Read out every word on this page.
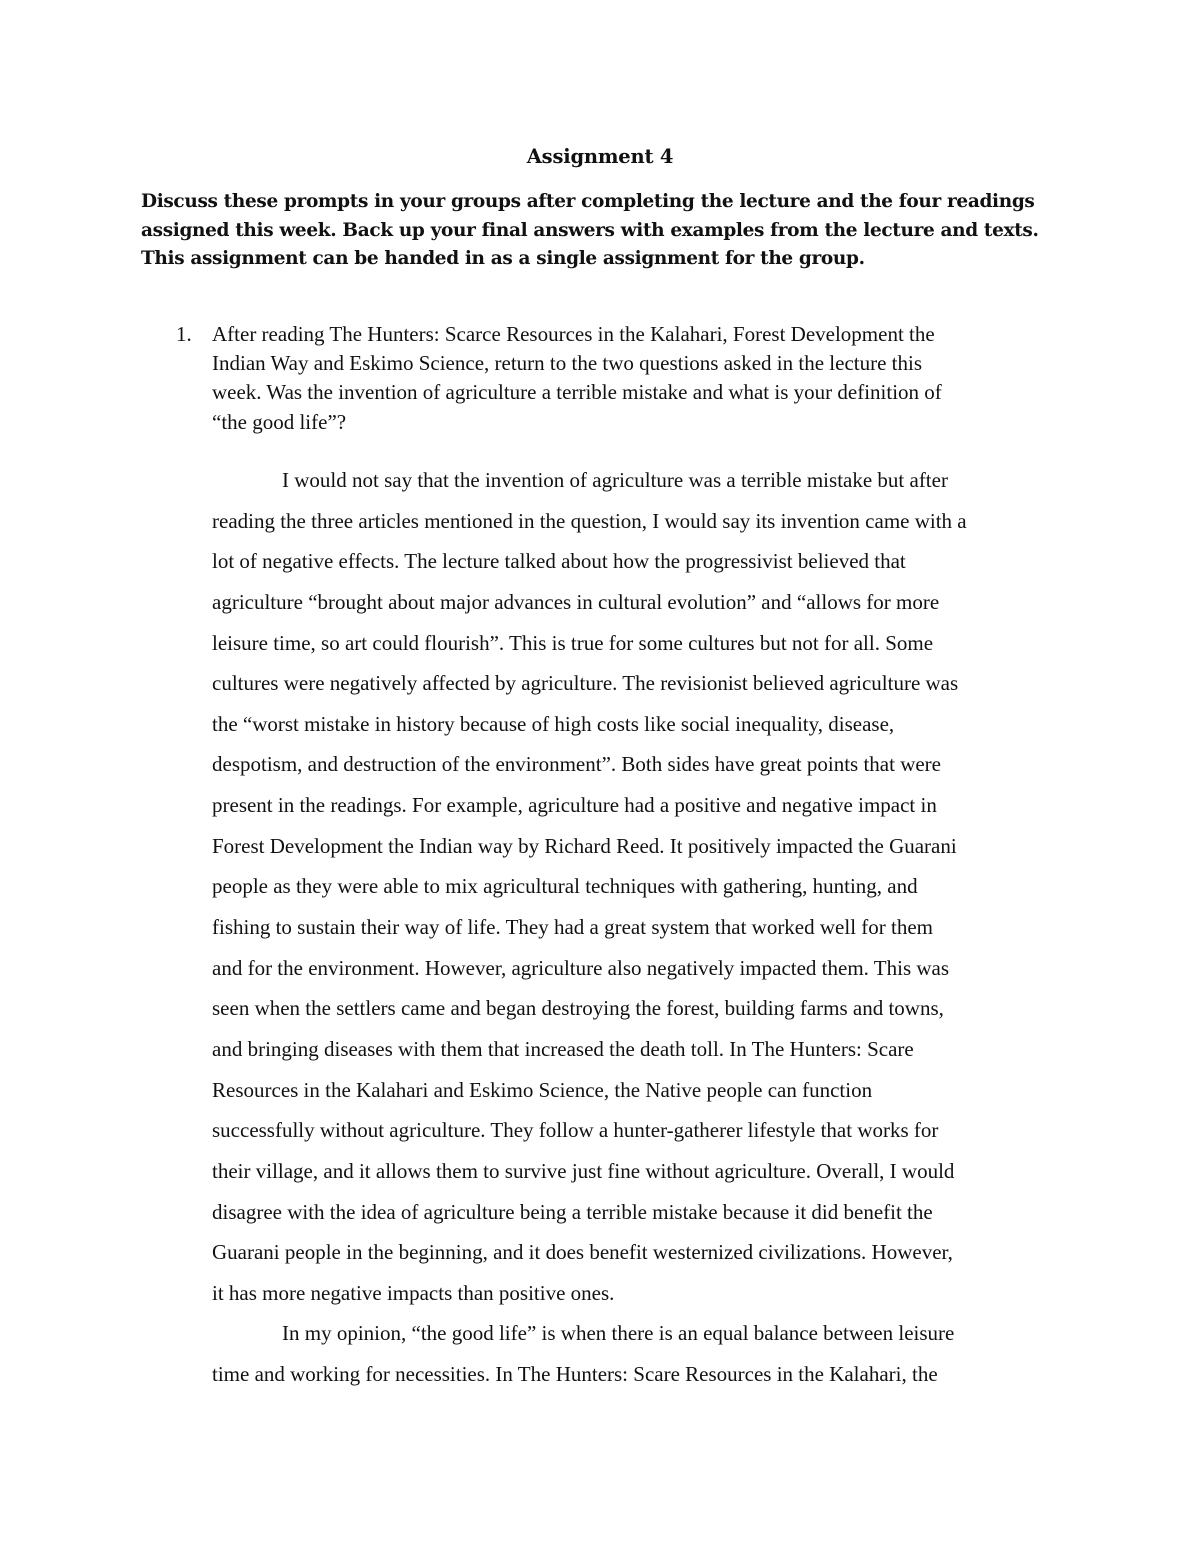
Assignment 4

Discuss these prompts in your groups after completing the lecture and the four readings
assigned this week. Back up your final answers with examples from the lecture and texts.
This assignment can be handed in as a single assignment for the group.

1. After reading The Hunters: Scarce Resources in the Kalahari, Forest Development the
Indian Way and Eskimo Science, return to the two questions asked in the lecture this
week. Was the invention of agriculture a terrible mistake and what is your definition of
“the good life”?
I would not say that the invention of agriculture was a terrible mistake but after
reading the three articles mentioned in the question, I would say its invention came with a
lot of negative effects. The lecture talked about how the progressivist believed that
agriculture “brought about major advances in cultural evolution” and “allows for more
leisure time, so art could flourish”. This is true for some cultures but not for all. Some
cultures were negatively affected by agriculture. The revisionist believed agriculture was
the “worst mistake in history because of high costs like social inequality, disease,
despotism, and destruction of the environment”. Both sides have great points that were
present in the readings. For example, agriculture had a positive and negative impact in
Forest Development the Indian way by Richard Reed. It positively impacted the Guarani
people as they were able to mix agricultural techniques with gathering, hunting, and
fishing to sustain their way of life. They had a great system that worked well for them
and for the environment. However, agriculture also negatively impacted them. This was
seen when the settlers came and began destroying the forest, building farms and towns,
and bringing diseases with them that increased the death toll. In The Hunters: Scare
Resources in the Kalahari and Eskimo Science, the Native people can function
successfully without agriculture. They follow a hunter-gatherer lifestyle that works for
their village, and it allows them to survive just fine without agriculture. Overall, I would
disagree with the idea of agriculture being a terrible mistake because it did benefit the
Guarani people in the beginning, and it does benefit westernized civilizations. However,
it has more negative impacts than positive ones.
In my opinion, “the good life” is when there is an equal balance between leisure
time and working for necessities. In The Hunters: Scare Resources in the Kalahari, the
